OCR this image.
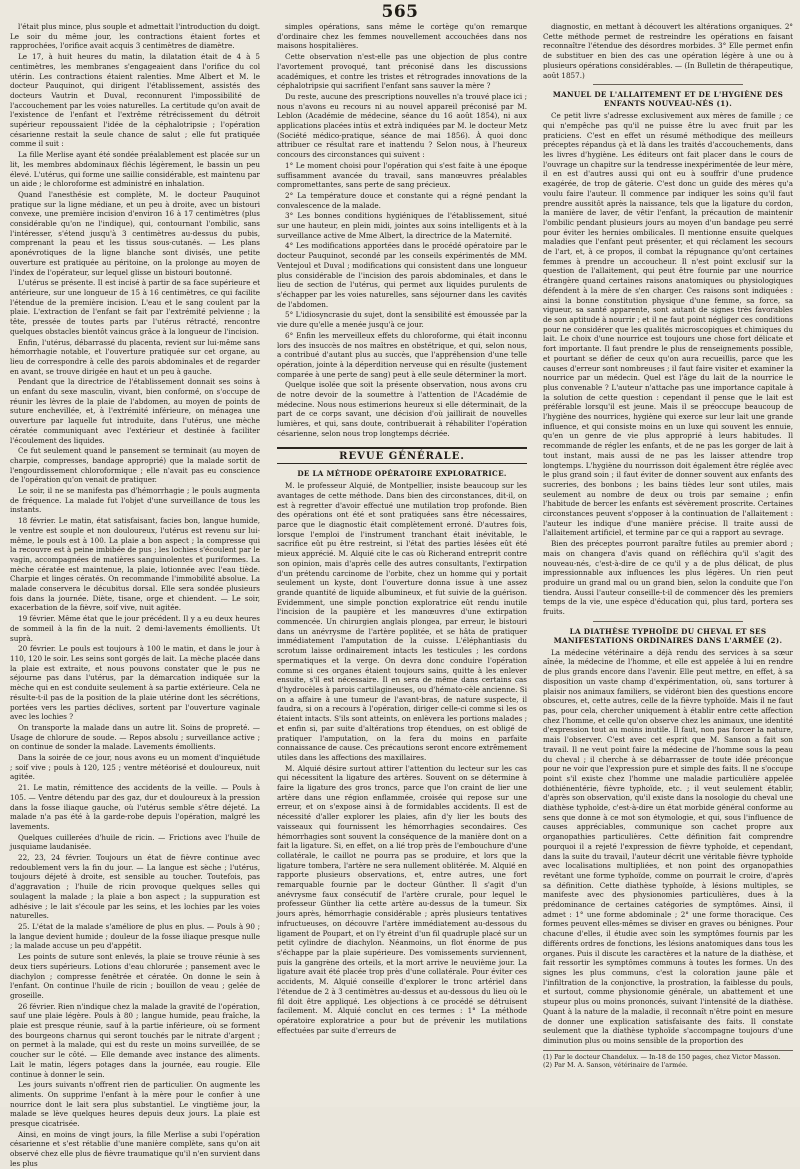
565

l'était plus mince, plus souple et admettait l'introduction du doigt. Le soir du même jour, les contractions étaient fortes et rapprochées, l'orifice avait acquis 3 centimètres de diamètre.

Le 17, à huit heures du matin, la dilatation était de 4 à 5 centimètres, les membranes s'engageaient dans l'orifice du col utérin. Les contractions étaient ralenties. Mme Albert et M. le docteur Pauquinot, qui dirigent l'établissement, assistés des docteurs Vautrin et Duval, reconnurent l'impossibilité de l'accouchement par les voies naturelles. La certitude qu'on avait de l'existence de l'enfant et l'extrême rétrécissement du détroit supérieur repoussaient l'idée de la céphalotripsie ; l'opération césarienne restait la seule chance de salut ; elle fut pratiquée comme il suit :

La fille Merlise ayant été sondée préalablement est placée sur un lit, les membres abdominaux fléchis légèrement, le bassin un peu élevé. L'utérus, qui forme une saillie considérable, est maintenu par un aide ; le chloroforme est administré en inhalation.

Quand l'anesthésie est complète, M. le docteur Pauquinot pratique sur la ligne médiane, et un peu à droite, avec un bistouri convexe, une première incision d'environ 16 à 17 centimètres (plus considérable qu'on ne l'indique), qui, contournant l'ombilic, sans l'intéresser, s'étend jusqu'à 3 centimètres au-dessus du pubis, comprenant la peau et les tissus sous-cutanés. — Les plans aponévrotiques de la ligne blanche sont divisés, une petite ouverture est pratiquée au péritoine, on la prolonge au moyen de l'index de l'opérateur, sur lequel glisse un bistouri boutonné.

L'utérus se présente. Il est incisé à partir de sa face supérieure et antérieure, sur une longueur de 15 à 16 centimètres, ce qui facilite l'étendue de la première incision. L'eau et le sang coulent par la plaie. L'extraction de l'enfant se fait par l'extrémité pelvienne ; la tête, pressée de toutes parts par l'utérus rétracté, rencontre quelques obstacles bientôt vaincus grâce à la longueur de l'incision.

Enfin, l'utérus, débarrassé du placenta, revient sur lui-même sans hémorrhagie notable, et l'ouverture pratiquée sur cet organe, au lieu de correspondre à celle des parois abdominales et de regarder en avant, se trouve dirigée en haut et un peu à gauche.

Pendant que la directrice de l'établissement donnait ses soins à un enfant du sexe masculin, vivant, bien conformé, on s'occupe de réunir les lèvres de la plaie de l'abdomen, au moyen de points de suture enchevillée, et, à l'extrémité inférieure, on ménagea une ouverture par laquelle fut introduite, dans l'utérus, une mèche cératée communiquant avec l'extérieur et destinée à faciliter l'écoulement des liquides.

Ce fut seulement quand le pansement se terminait (au moyen de charpie, compresses, bandage approprié) que la malade sortit de l'engourdissement chloroformique ; elle n'avait pas eu conscience de l'opération qu'on venait de pratiquer.

Le soir, il ne se manifesta pas d'hémorrhagie ; le pouls augmenta de fréquence. La malade fut l'objet d'une surveillance de tous les instants.

18 février. Le matin, état satisfaisant, facies bon, langue humide, le ventre est souple et non douloureux, l'utérus est revenu sur lui-même, le pouls est à 100. La plaie a bon aspect ; la compresse qui la recouvre est à peine imbibée de pus ; les lochies s'écoulent par le vagin, accompagnées de matières sanguinolentes et puriformes. La mèche cératée est maintenue, la plaie, lotionnée avec l'eau tiède. Charpie et linges cératés. On recommande l'immobilité absolue. La malade conservera le décubitus dorsal. Elle sera sondée plusieurs fois dans la journée. Diète, tisane, orge et chiendent. — Le soir, exacerbation de la fièvre, soif vive, nuit agitée.

19 février. Même état que le jour précédent. Il y a eu deux heures de sommeil à la fin de la nuit. 2 demi-lavements émollients. Ut suprà.

20 février. Le pouls est toujours à 100 le matin, et dans le jour à 110, 120 le soir. Les seins sont gorgés de lait. La mèche placée dans la plaie est extraite, et nous pouvons constater que le pus ne séjourne pas dans l'utérus, par la démarcation indiquée sur la mèche qui en est conduite seulement à sa partie extérieure. Cela ne résulte-t-il pas de la position de la plaie utérine dont les sécrétions, portées vers les parties déclives, sortent par l'ouverture vaginale avec les lochies ?

On transporte la malade dans un autre lit. Soins de propreté. — Usage de chlorure de soude. — Repos absolu ; surveillance active ; on continue de sonder la malade. Lavements émollients.

Dans la soirée de ce jour, nous avons eu un moment d'inquiétude ; soif vive ; pouls à 120, 125 ; ventre météorisé et douloureux, nuit agitée.

21. Le matin, rémittence des accidents de la veille. — Pouls à 105. — Ventre détendu par des gaz, dur et douloureux à la pression dans la fosse iliaque gauche, où l'utérus semble s'être déjeté. La malade n'a pas été à la garde-robe depuis l'opération, malgré les lavements.

Quelques cuillerées d'huile de ricin. — Frictions avec l'huile de jusquiame laudanisée.

22, 23, 24 février. Toujours un état de fièvre continue avec redoublement vers la fin du jour. — La langue est sèche ; l'utérus, toujours déjeté à droite, est sensible au toucher. Toutefois, pas d'aggravation ; l'huile de ricin provoque quelques selles qui soulagent la malade ; la plaie a bon aspect ; la suppuration est adhésive ; le lait s'écoule par les seins, et les lochies par les voies naturelles.

25. L'état de la malade s'améliore de plus en plus. — Pouls à 90 ; la langue devient humide ; douleur de la fosse iliaque presque nulle ; la malade accuse un peu d'appétit.

Les points de suture sont enlevés, la plaie se trouve réunie à ses deux tiers supérieurs. Lotions d'eau chlorurée ; pansement avec le diachylon ; compresse fenêtrée et cératée. On donne le sein à l'enfant. On continue l'huile de ricin ; bouillon de veau ; gelée de groseille.

26 février. Rien n'indique chez la malade la gravité de l'opération, sauf une plaie légère. Pouls à 80 ; langue humide, peau fraîche, la plaie est presque réunie, sauf à la partie inférieure, où se forment des bourgeons charnus qui seront touchés par le nitrate d'argent ; on permet à la malade, qui est du reste un moins surveillée, de se coucher sur le côté. — Elle demande avec instance des aliments. Lait le matin, légers potages dans la journée, eau rougie. Elle continue à donner le sein.

Les jours suivants n'offrent rien de particulier. On augmente les aliments. On supprime l'enfant à la mère pour le confier à une nourrice dont le lait sera plus substantiel. Le vingtième jour, la malade se lève quelques heures depuis deux jours. La plaie est presque cicatrisée.

Ainsi, en moins de vingt jours, la fille Merlise a subi l'opération césarienne et s'est rétablie d'une manière complète, sans qu'on ait observé chez elle plus de fièvre traumatique qu'il n'en survient dans les plus

simples opérations, sans même le cortège qu'on remarque d'ordinaire chez les femmes nouvellement accouchées dans nos maisons hospitalières.

Cette observation n'est-elle pas une objection de plus contre l'avortement provoqué, tant préconisé dans les discussions académiques, et contre les tristes et rétrogrades innovations de la céphalotripsie qui sacrifient l'enfant sans sauver la mère ?

Du reste, aucune des prescriptions nouvelles n'a trouvé place ici ; nous n'avons eu recours ni au nouvel appareil préconisé par M. Leblon (Académie de médecine, séance du 16 août 1854), ni aux applications placées intùs et extrà indiquées par M. le docteur Metz (Société médico-pratique, séance de mai 1856). À quoi donc attribuer ce résultat rare et inattendu ? Selon nous, à l'heureux concours des circonstances qui suivent :

1° Le moment choisi pour l'opération qui s'est faite à une époque suffisamment avancée du travail, sans manœuvres préalables compromettantes, sans perte de sang précieux.

2° La température douce et constante qui a régné pendant la convalescence de la malade.

3° Les bonnes conditions hygiéniques de l'établissement, situé sur une hauteur, en plein midi, jointes aux soins intelligents et à la surveillance active de Mme Albert, la directrice de la Maternité.

4° Les modifications apportées dans le procédé opératoire par le docteur Pauquinot, secondé par les conseils expérimentés de MM. Ventejoul et Duval ; modifications qui consistent dans une longueur plus considérable de l'incision des parois abdominales, et dans le lieu de section de l'utérus, qui permet aux liquides purulents de s'échapper par les voies naturelles, sans séjourner dans les cavités de l'abdomen.

5° L'idiosyncrasie du sujet, dont la sensibilité est émoussée par la vie dure qu'elle a menée jusqu'à ce jour.

6° Enfin les merveilleux effets du chloroforme, qui était inconnu lors des insuccès de nos maîtres en obstétrique, et qui, selon nous, a contribué d'autant plus au succès, que l'appréhension d'une telle opération, jointe à la déperdition nerveuse qui en résulte (justement comparée à une perte de sang) peut à elle seule déterminer la mort.

Quelque isolée que soit la présente observation, nous avons cru de notre devoir de la soumettre à l'attention de l'Académie de médecine. Nous nous estimerions heureux si elle déterminait, de la part de ce corps savant, une décision d'où jaillirait de nouvelles lumières, et qui, sans doute, contribuerait à réhabiliter l'opération césarienne, selon nous trop longtemps décriée.

REVUE GÉNÉRALE.
DE LA MÉTHODE OPÉRATOIRE EXPLORATRICE.

M. le professeur Alquié, de Montpellier, insiste beaucoup sur les avantages de cette méthode. Dans bien des circonstances, dit-il, on est à regretter d'avoir effectué une mutilation trop profonde. Bien des opérations ont été et sont pratiquées sans être nécessaires, parce que le diagnostic était complètement erroné. D'autres fois, lorsque l'emploi de l'instrument tranchant était inévitable, le sacrifice eût pu être restreint, si l'état des parties lésées eût été mieux apprécié. M. Alquié cite le cas où Richerand entreprit contre son opinion, mais d'après celle des autres consultants, l'extirpation d'un prétendu carcinome de l'orbite, chez un homme qui y portait seulement un kyste, dont l'ouverture donna issue à une assez grande quantité de liquide albumineux, et fut suivie de la guérison. Evidemment, une simple ponction exploratrice eût rendu inutile l'incision de la paupière et les manœuvres d'une extirpation commencée. Un chirurgien anglais plongea, par erreur, le bistouri dans un anévrysme de l'artère poplitée, et se hâta de pratiquer immédiatement l'amputation de la cuisse. L'éléphantiasis du scrotum laisse ordinairement intacts les testicules ; les cordons spermatiques et la verge. On devra donc conduire l'opération comme si ces organes étaient toujours sains, quitte à les enlever ensuite, s'il est nécessaire. Il en sera de même dans certains cas d'hydrocèles à parois cartilagineuses, ou d'hémato-cèle ancienne. Si on a affaire à une tumeur de l'avant-bras, de nature suspecte, il faudra, si on a recours à l'opération, diriger celle-ci comme si les os étaient intacts. S'ils sont atteints, on enlèvera les portions malades ; et enfin si, par suite d'altérations trop étendues, on est obligé de pratiquer l'amputation, on la fera du moins en parfaite connaissance de cause. Ces précautions seront encore extrêmement utiles dans les affections des maxillaires.

M. Alquié désire surtout attirer l'attention du lecteur sur les cas qui nécessitent la ligature des artères. Souvent on se détermine à faire la ligature des gros troncs, parce que l'on craint de lier une artère dans une région enflammée, croisée qui repose sur une erreur, et on s'expose ainsi à de formidables accidents. Il est de nécessité d'aller explorer les plaies, afin d'y lier les bouts des vaisseaux qui fournissent les hémorrhagies secondaires. Ces hémorrhagies sont souvent la conséquence de la manière dont on a fait la ligature. Si, en effet, on a lié trop près de l'embouchure d'une collatérale, le caillot ne pourra pas se produire, et lors que la ligature tombera, l'artère ne sera nullement oblitérée. M. Alquié en rapporte plusieurs observations, et, entre autres, une fort remarquable fournie par le docteur Günther. Il s'agit d'un anévrysme faux consécutif de l'artère crurale, pour lequel le professeur Günther lia cette artère au-dessus de la tumeur. Six jours après, hémorrhagie considérable ; après plusieurs tentatives infructueuses, on découvre l'artère immédiatement au-dessous du ligament de Poupart, et on l'y étreint d'un fil quadruple placé sur un petit cylindre de diachylon. Néanmoins, un flot énorme de pus s'échappe par la plaie supérieure. Des vomissements surviennent, puis la gangrène des orteils, et la mort arrive le neuvième jour. La ligature avait été placée trop près d'une collatérale. Pour éviter ces accidents, M. Alquié conseille d'explorer le tronc artériel dans l'étendue de 2 à 3 centimètres au-dessus et au-dessous du lieu où le fil doit être appliqué. Les objections à ce procédé se détruisent facilement. M. Alquié conclut en ces termes : 1° La méthode opératoire exploratrice a pour but de prévenir les mutilations effectuées par suite d'erreurs de

diagnostic, en mettant à découvert les altérations organiques. 2° Cette méthode permet de restreindre les opérations en faisant reconnaître l'étendue des désordres morbides. 3° Elle permet enfin de substituer en bien des cas une opération légère à une ou à plusieurs opérations considérables. — (In Bulletin de thérapeutique, août 1857.)

MANUEL DE L'ALLAITEMENT ET DE L'HYGIÈNE DES ENFANTS NOUVEAU-NÉS (1).

Ce petit livre s'adresse exclusivement aux mères de famille ; ce qui n'empêche pas qu'il ne puisse être lu avec fruit par les praticiens. C'est en effet un résumé méthodique des meilleurs préceptes répandus çà et là dans les traités d'accouchements, dans les livres d'hygiène. Les éditeurs ont fait placer dans le cours de l'ouvrage un chapitre sur la tendresse inexpérimentée de leur mère, il en est d'autres aussi qui ont eu à souffrir d'une prudence exagérée, de trop de gâterie. C'est donc un guide des mères qu'a voulu faire l'auteur. Il commence par indiquer les soins qu'il faut prendre aussitôt après la naissance, tels que la ligature du cordon, la manière de laver, de vêtir l'enfant, la précaution de maintenir l'ombilic pendant plusieurs jours au moyen d'un bandage peu serré pour éviter les hernies ombilicales. Il mentionne ensuite quelques maladies que l'enfant peut présenter, et qui réclament les secours de l'art, et, à ce propos, il combat la répugnance qu'ont certaines femmes à prendre un accoucheur. Il n'est point exclusif sur la question de l'allaitement, qui peut être fournie par une nourrice étrangère quand certaines raisons anatomiques ou physiologiques défendent à la mère de s'en charger. Ces raisons sont indiquées : ainsi la bonne constitution physique d'une femme, sa force, sa vigueur, sa santé apparente, sont autant de signes très favorables de son aptitude à nourrir ; et il ne faut point négliger ces conditions pour ne considérer que les qualités microscopiques et chimiques du lait. Le choix d'une nourrice est toujours une chose fort délicate et fort importante. Il faut prendre le plus de renseignements possible, et pourtant se défier de ceux qu'on aura recueillis, parce que les causes d'erreur sont nombreuses ; il faut faire visiter et examiner la nourrice par un médecin. Quel est l'âge du lait de la nourrice le plus convenable ? L'auteur n'attache pas une importance capitale à la solution de cette question : cependant il pense que le lait est préférable lorsqu'il est jeune. Mais il se préoccupe beaucoup de l'hygiène des nourrices, hygiène qui exerce sur leur lait une grande influence, et qui consiste moins en un luxe qui souvent les ennuie, qu'en un genre de vie plus approprié à leurs habitudes. Il recommande de régler les enfants, et de ne pas les gorger de lait à tout instant, mais aussi de ne pas les laisser attendre trop longtemps. L'hygiène du nourrisson doit également être réglée avec le plus grand soin ; il faut éviter de donner souvent aux enfants des sucreries, des bonbons ; les bains tièdes leur sont utiles, mais seulement au nombre de deux ou trois par semaine ; enfin l'habitude de bercer les enfants est sévèrement proscrite. Certaines circonstances peuvent s'opposer à la continuation de l'allaitement : l'auteur les indique d'une manière précise. Il traite aussi de l'allaitement artificiel, et termine par ce qui a rapport au sevrage.

Bien des préceptes pourront paraître futiles au premier abord ; mais on changera d'avis quand on réfléchira qu'il s'agit des nouveau-nés, c'est-à-dire de ce qu'il y a de plus délicat, de plus impressionnable aux influences les plus légères. Un rien peut produire un grand mal ou un grand bien, selon la conduite que l'on tiendra. Aussi l'auteur conseille-t-il de commencer dès les premiers temps de la vie, une espèce d'éducation qui, plus tard, portera ses fruits.

LA DIATHÈSE TYPHOÏDE DU CHEVAL ET SES MANIFESTATIONS ORDINAIRES DANS L'ARMÉE (2).

La médecine vétérinaire a déjà rendu des services à sa sœur aînée, la médecine de l'homme, et elle est appelée à lui en rendre de plus grands encore dans l'avenir. Elle peut mettre, en effet, à sa disposition un vaste champ d'expérimentation, où, sans torturer à plaisir nos animaux familiers, se vidéront bien des questions encore obscures, et, cette autres, celle de la fièvre typhoïde. Mais il ne faut pas, pour cela, chercher uniquement à établir entre cette affection chez l'homme, et celle qu'on observe chez les animaux, une identité d'expression tout au moins inutile. Il faut, non pas forcer la nature, mais l'observer. C'est avec cet esprit que M. Sanson a fait son travail. Il ne veut point faire la médecine de l'homme sous la peau du cheval ; il cherche à se débarrasser de toute idée préconçue pour ne voir que l'expression pure et simple des faits. Il ne s'occupe point s'il existe chez l'homme une maladie particulière appelée dothiénentérie, fièvre typhoïde, etc. ; il veut seulement établir, d'après son observation, qu'il existe dans la nosologie du cheval une diathèse typhoïde, c'est-à-dire un état morbide général conforme au sens que donne à ce mot son étymologie, et qui, sous l'influence de causes appréciables, communique son cachet propre aux organopathies particulières. Cette définition fait comprendre pourquoi il a rejeté l'expression de fièvre typhoïde, et cependant, dans la suite du travail, l'auteur décrit une véritable fièvre typhoïde avec localisations multipliées, et non point des organopathies revêtant une forme typhoïde, comme on pourrait le croire, d'après sa définition. Cette diathèse typhoïde, à lésions multiples, se manifeste avec des physionomies particulières, dues à la prédominance de certaines catégories de symptômes. Ainsi, il admet : 1° une forme abdominale ; 2° une forme thoracique. Ces formes peuvent elles-mêmes se diviser en graves ou bénignes. Pour chacune d'elles, il étudie avec soin les symptômes fournis par les différents ordres de fonctions, les lésions anatomiques dans tous les organes. Puis il discute les caractères et la nature de la diathèse, et fait ressortir les symptômes communs à toutes les formes. Un des signes les plus communs, c'est la coloration jaune pâle et l'infiltration de la conjonctive, la prostration, la faiblesse du pouls, et surtout, comme physionomie générale, un abattement et une stupeur plus ou moins prononcés, suivant l'intensité de la diathèse. Quant à la nature de la maladie, il reconnaît n'être point en mesure de donner une explication satisfaisante des faits. Il constate seulement que la diathèse typhoïde s'accompagne toujours d'une diminution plus ou moins sensible de la proportion des

(1) Par le docteur Chandelux. — In-18 de 150 pages, chez Victor Masson.
(2) Par M. A. Sanson, vétérinaire de l'armée.
